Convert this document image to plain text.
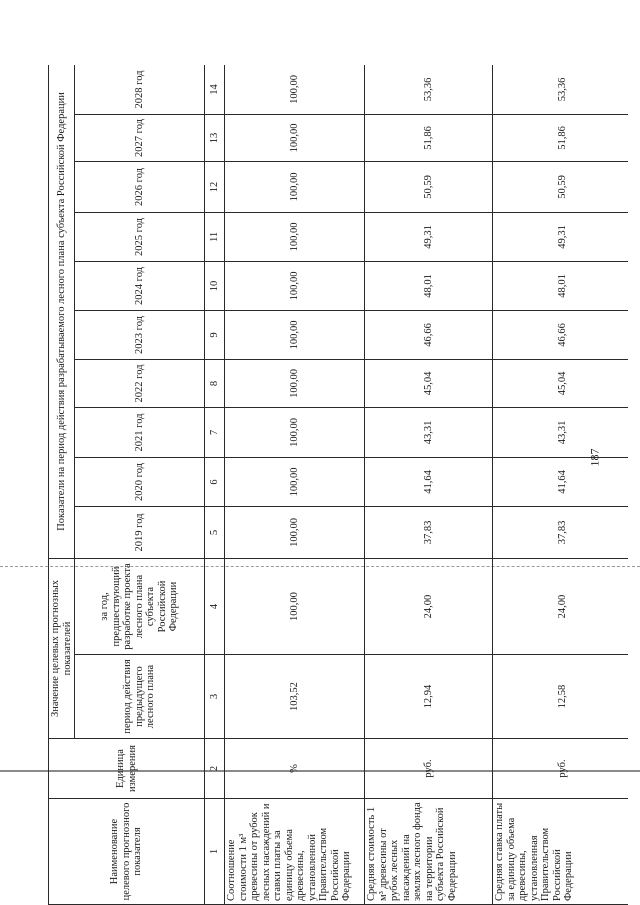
Наименование целевого прогнозного показателя	Единица измерения	Значение целевых прогнозных показателей		Показатели на период действия разрабатываемого лесного плана субъекта Российской Федерации									
		период действия предыдущего лесного плана	за год, предшествующий разработке проекта лесного плана субъекта Российской Федерации	2019 год	2020 год	2021 год	2022 год	2023 год	2024 год	2025 год	2026 год	2027 год	2028 год
1	2	3	4	5	6	7	8	9	10	11	12	13	14
Соотношение стоимости 1 м³ древесины от рубок лесных насаждений и ставки платы за единицу объема древесины, установленной Правительством Российской Федерации	%	103,52	100,00	100,00	100,00	100,00	100,00	100,00	100,00	100,00	100,00	100,00	100,00
Средняя стоимость 1 м³ древесины от рубок лесных насаждений на землях лесного фонда на территории субъекта Российской Федерации	руб.	12,94	24,00	37,83	41,64	43,31	45,04	46,66	48,01	49,31	50,59	51,86	53,36
Средняя ставка платы за единицу объема древесины, установленная Правительством Российской Федерации	руб.	12,58	24,00	37,83	41,64	43,31	45,04	46,66	48,01	49,31	50,59	51,86	53,36
187
